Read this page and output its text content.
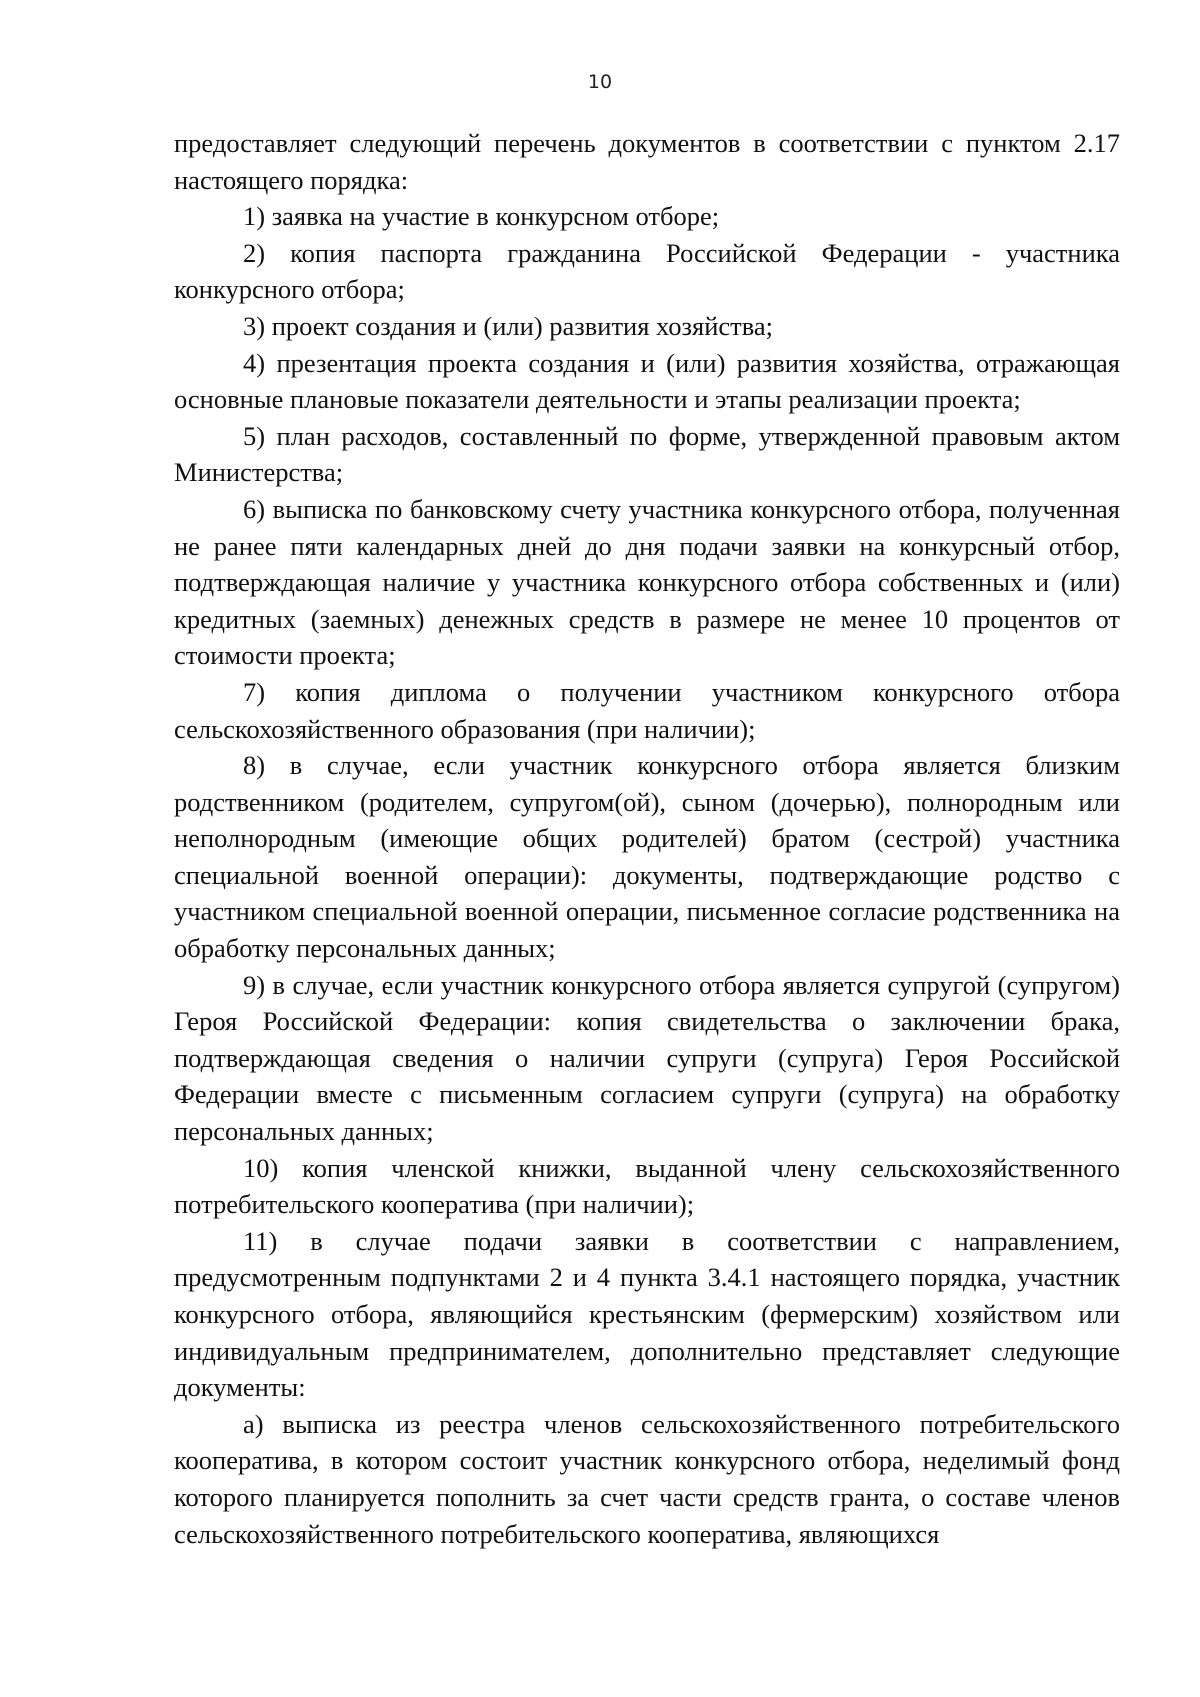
10

предоставляет следующий перечень документов в соответствии с пунктом 2.17 настоящего порядка:

1) заявка на участие в конкурсном отборе;

2) копия паспорта гражданина Российской Федерации - участника конкурсного отбора;

3) проект создания и (или) развития хозяйства;

4) презентация проекта создания и (или) развития хозяйства, отражающая основные плановые показатели деятельности и этапы реализации проекта;

5) план расходов, составленный по форме, утвержденной правовым актом Министерства;

6) выписка по банковскому счету участника конкурсного отбора, полученная не ранее пяти календарных дней до дня подачи заявки на конкурсный отбор, подтверждающая наличие у участника конкурсного отбора собственных и (или) кредитных (заемных) денежных средств в размере не менее 10 процентов от стоимости проекта;

7) копия диплома о получении участником конкурсного отбора сельскохозяйственного образования (при наличии);

8) в случае, если участник конкурсного отбора является близким родственником (родителем, супругом(ой), сыном (дочерью), полнородным или неполнородным (имеющие общих родителей) братом (сестрой) участника специальной военной операции): документы, подтверждающие родство с участником специальной военной операции, письменное согласие родственника на обработку персональных данных;

9) в случае, если участник конкурсного отбора является супругой (супругом) Героя Российской Федерации: копия свидетельства о заключении брака, подтверждающая сведения о наличии супруги (супруга) Героя Российской Федерации вместе с письменным согласием супруги (супруга) на обработку персональных данных;

10) копия членской книжки, выданной члену сельскохозяйственного потребительского кооператива (при наличии);

11) в случае подачи заявки в соответствии с направлением, предусмотренным подпунктами 2 и 4 пункта 3.4.1 настоящего порядка, участник конкурсного отбора, являющийся крестьянским (фермерским) хозяйством или индивидуальным предпринимателем, дополнительно представляет следующие документы:

а) выписка из реестра членов сельскохозяйственного потребительского кооператива, в котором состоит участник конкурсного отбора, неделимый фонд которого планируется пополнить за счет части средств гранта, о составе членов сельскохозяйственного потребительского кооператива, являющихся
